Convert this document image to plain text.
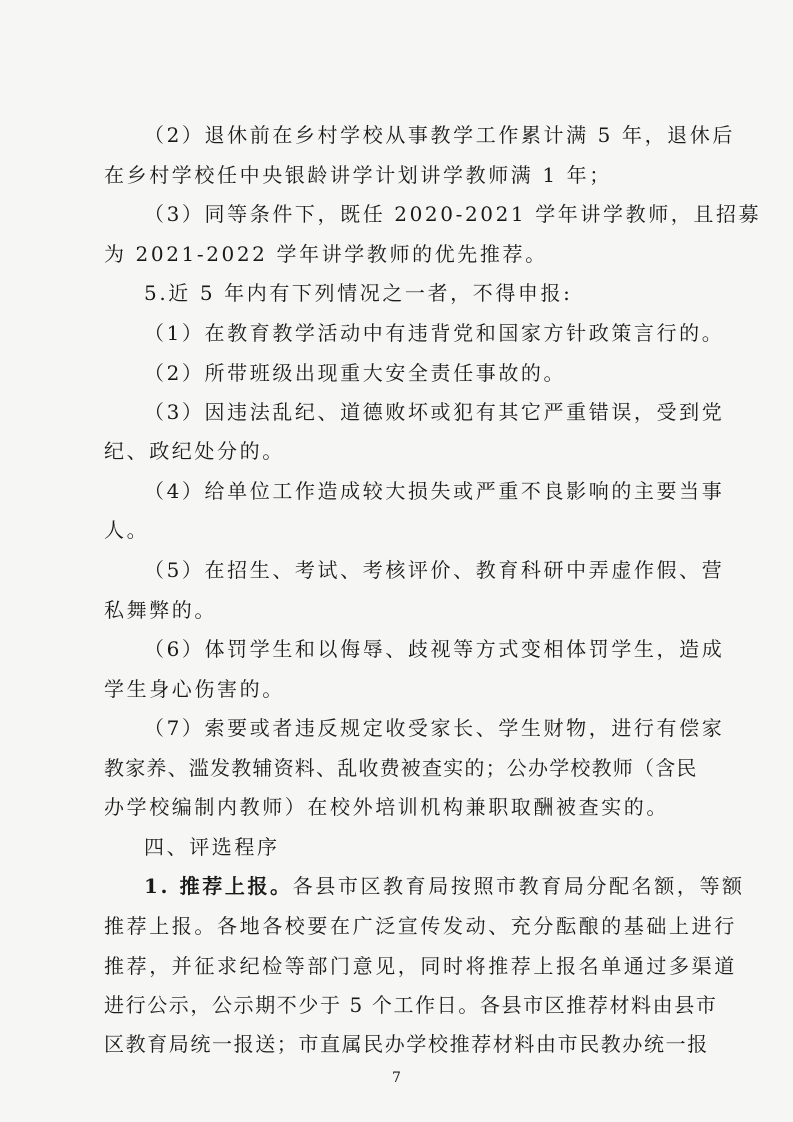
（2）退休前在乡村学校从事教学工作累计满 5 年，退休后
在乡村学校任中央银龄讲学计划讲学教师满 1 年；
（3）同等条件下，既任 2020-2021 学年讲学教师，且招募
为 2021-2022 学年讲学教师的优先推荐。
5.近 5 年内有下列情况之一者，不得申报:
（1）在教育教学活动中有违背党和国家方针政策言行的。
（2）所带班级出现重大安全责任事故的。
（3）因违法乱纪、道德败坏或犯有其它严重错误，受到党
纪、政纪处分的。
（4）给单位工作造成较大损失或严重不良影响的主要当事
人。
（5）在招生、考试、考核评价、教育科研中弄虚作假、营
私舞弊的。
（6）体罚学生和以侮辱、歧视等方式变相体罚学生，造成
学生身心伤害的。
（7）索要或者违反规定收受家长、学生财物，进行有偿家
教家养、滥发教辅资料、乱收费被查实的；公办学校教师（含民
办学校编制内教师）在校外培训机构兼职取酬被查实的。
四、评选程序
1. 推荐上报。各县市区教育局按照市教育局分配名额，等额
推荐上报。各地各校要在广泛宣传发动、充分酝酿的基础上进行
推荐，并征求纪检等部门意见，同时将推荐上报名单通过多渠道
进行公示，公示期不少于 5 个工作日。各县市区推荐材料由县市
区教育局统一报送；市直属民办学校推荐材料由市民教办统一报
7
